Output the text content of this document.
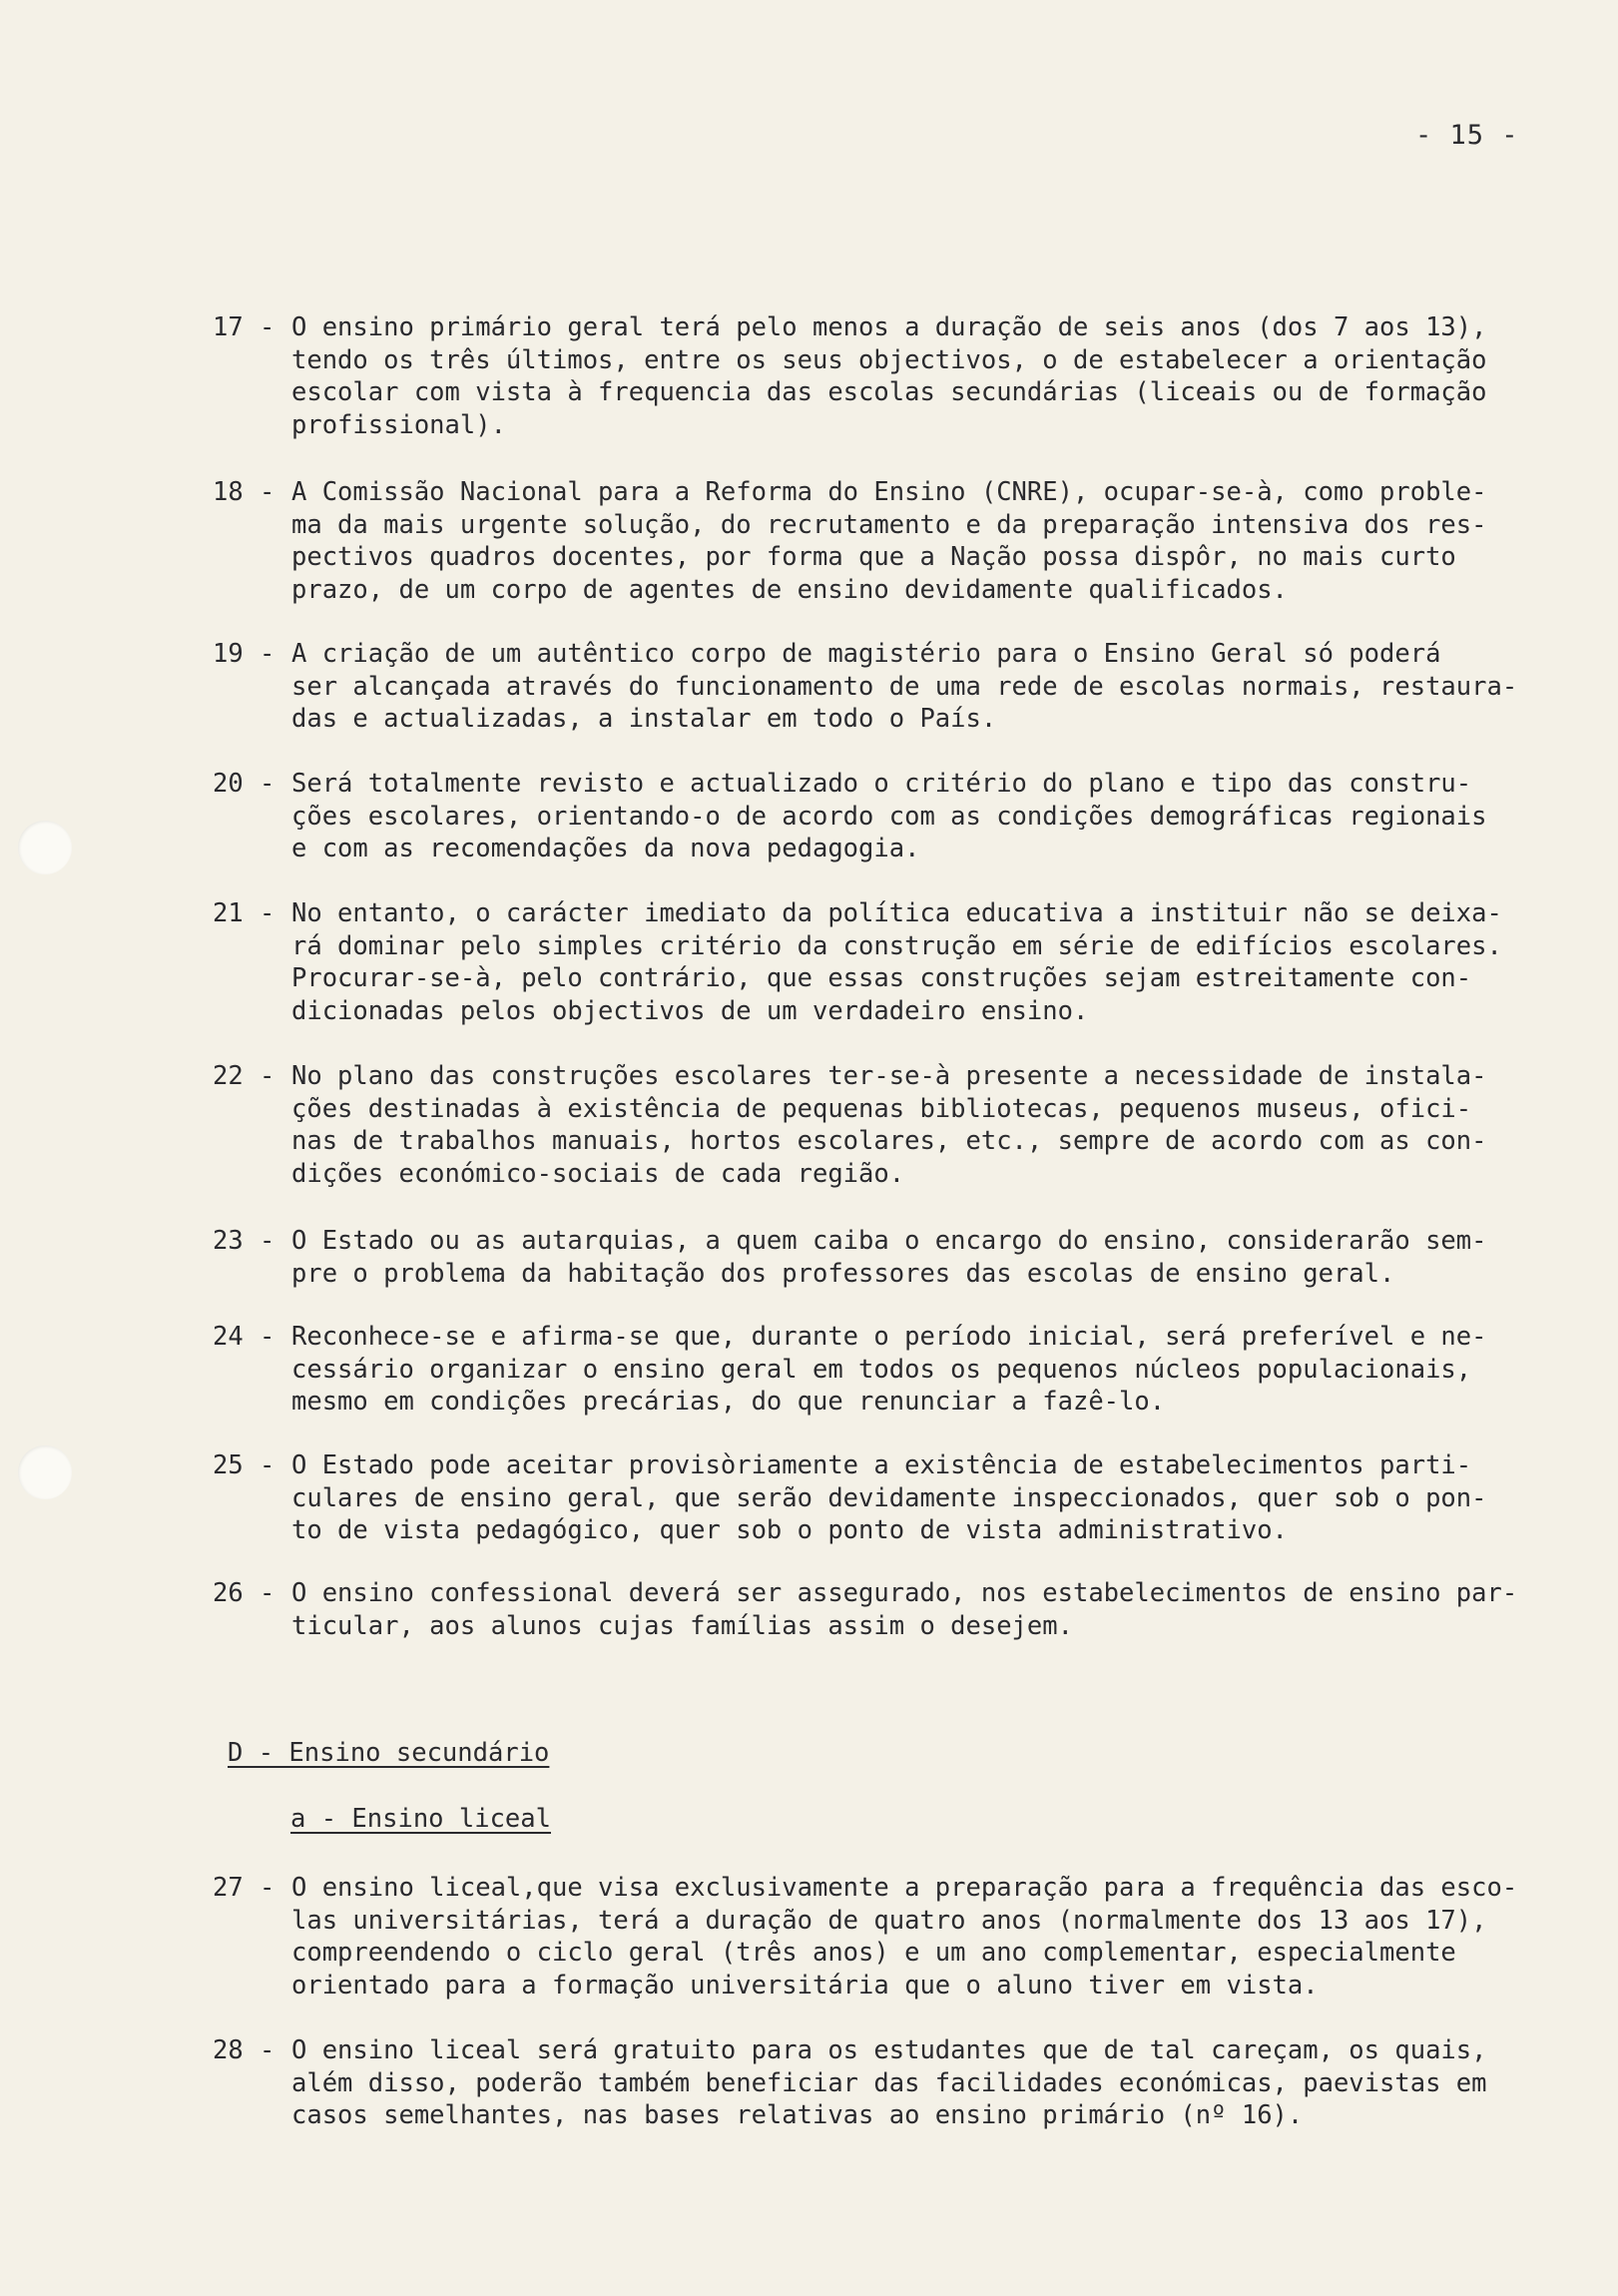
- 15 -
D - Ensino secundário
a - Ensino liceal
17 - O ensino primário geral terá pelo menos a duração de seis anos (dos 7 aos 13),
tendo os três últimos, entre os seus objectivos, o de estabelecer a orientação
escolar com vista à frequencia das escolas secundárias (liceais ou de formação
profissional).
18 - A Comissão Nacional para a Reforma do Ensino (CNRE), ocupar-se-à, como proble-
ma da mais urgente solução, do recrutamento e da preparação intensiva dos res-
pectivos quadros docentes, por forma que a Nação possa dispôr, no mais curto
prazo, de um corpo de agentes de ensino devidamente qualificados.
19 - A criação de um autêntico corpo de magistério para o Ensino Geral só poderá
ser alcançada através do funcionamento de uma rede de escolas normais, restaura-
das e actualizadas, a instalar em todo o País.
20 - Será totalmente revisto e actualizado o critério do plano e tipo das constru-
ções escolares, orientando-o de acordo com as condições demográficas regionais
e com as recomendações da nova pedagogia.
21 - No entanto, o carácter imediato da política educativa a instituir não se deixa-
rá dominar pelo simples critério da construção em série de edifícios escolares.
Procurar-se-à, pelo contrário, que essas construções sejam estreitamente con-
dicionadas pelos objectivos de um verdadeiro ensino.
22 - No plano das construções escolares ter-se-à presente a necessidade de instala-
ções destinadas à existência de pequenas bibliotecas, pequenos museus, ofici-
nas de trabalhos manuais, hortos escolares, etc., sempre de acordo com as con-
dições económico-sociais de cada região.
23 - O Estado ou as autarquias, a quem caiba o encargo do ensino, considerarão sem-
pre o problema da habitação dos professores das escolas de ensino geral.
24 - Reconhece-se e afirma-se que, durante o período inicial, será preferível e ne-
cessário organizar o ensino geral em todos os pequenos núcleos populacionais,
mesmo em condições precárias, do que renunciar a fazê-lo.
25 - O Estado pode aceitar provisòriamente a existência de estabelecimentos parti-
culares de ensino geral, que serão devidamente inspeccionados, quer sob o pon-
to de vista pedagógico, quer sob o ponto de vista administrativo.
26 - O ensino confessional deverá ser assegurado, nos estabelecimentos de ensino par-
ticular, aos alunos cujas famílias assim o desejem.
27 - O ensino liceal,que visa exclusivamente a preparação para a frequência das esco-
las universitárias, terá a duração de quatro anos (normalmente dos 13 aos 17),
compreendendo o ciclo geral (três anos) e um ano complementar, especialmente
orientado para a formação universitária que o aluno tiver em vista.
28 - O ensino liceal será gratuito para os estudantes que de tal careçam, os quais,
além disso, poderão também beneficiar das facilidades económicas, paevistas em
casos semelhantes, nas bases relativas ao ensino primário (nº 16).
